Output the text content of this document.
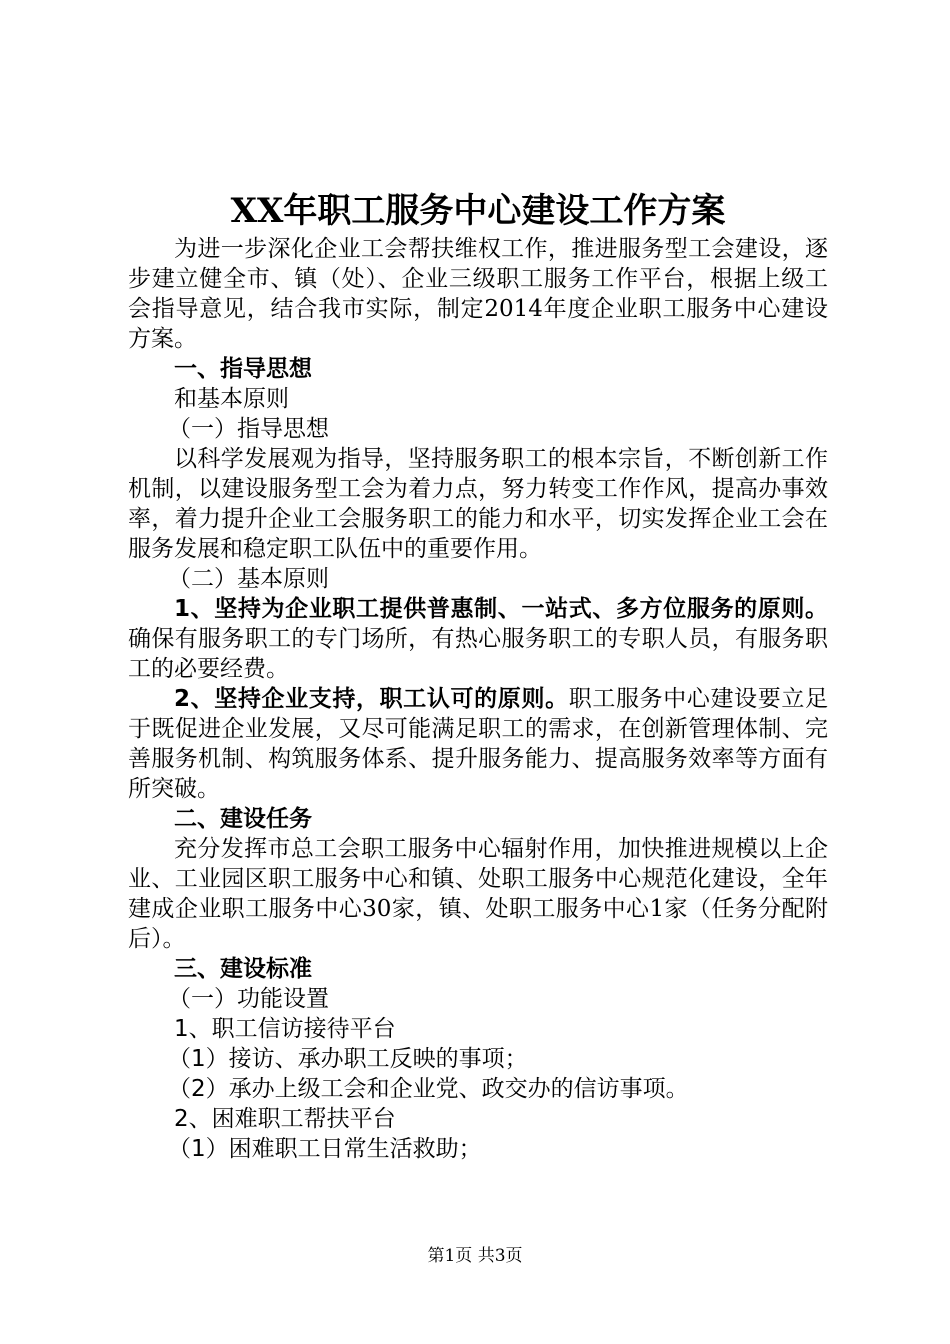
XX年职工服务中心建设工作方案

为进一步深化企业工会帮扶维权工作，推进服务型工会建设，逐步建立健全市、镇（处）、企业三级职工服务工作平台，根据上级工会指导意见，结合我市实际，制定2014年度企业职工服务中心建设方案。

一、指导思想

和基本原则

（一）指导思想

以科学发展观为指导，坚持服务职工的根本宗旨，不断创新工作机制，以建设服务型工会为着力点，努力转变工作作风，提高办事效率，着力提升企业工会服务职工的能力和水平，切实发挥企业工会在服务发展和稳定职工队伍中的重要作用。

（二）基本原则

1、坚持为企业职工提供普惠制、一站式、多方位服务的原则。确保有服务职工的专门场所，有热心服务职工的专职人员，有服务职工的必要经费。

2、坚持企业支持，职工认可的原则。职工服务中心建设要立足于既促进企业发展，又尽可能满足职工的需求，在创新管理体制、完善服务机制、构筑服务体系、提升服务能力、提高服务效率等方面有所突破。

二、建设任务

充分发挥市总工会职工服务中心辐射作用，加快推进规模以上企业、工业园区职工服务中心和镇、处职工服务中心规范化建设，全年建成企业职工服务中心30家，镇、处职工服务中心1家（任务分配附后）。

三、建设标准

（一）功能设置

1、职工信访接待平台

（1）接访、承办职工反映的事项；

（2）承办上级工会和企业党、政交办的信访事项。

2、困难职工帮扶平台

（1）困难职工日常生活救助；

第1页 共3页
